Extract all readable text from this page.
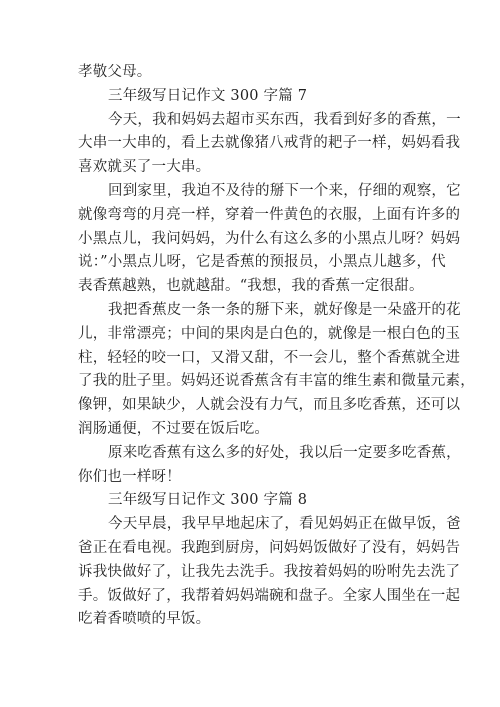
孝敬父母。
三年级写日记作文 300 字篇 7
今天，我和妈妈去超市买东西，我看到好多的香蕉，一
大串一大串的，看上去就像猪八戒背的耙子一样，妈妈看我
喜欢就买了一大串。
回到家里，我迫不及待的掰下一个来，仔细的观察，它
就像弯弯的月亮一样，穿着一件黄色的衣服，上面有许多的
小黑点儿，我问妈妈，为什么有这么多的小黑点儿呀？妈妈
说：”小黑点儿呀，它是香蕉的预报员，小黑点儿越多，代
表香蕉越熟，也就越甜。“我想，我的香蕉一定很甜。
我把香蕉皮一条一条的掰下来，就好像是一朵盛开的花
儿，非常漂亮；中间的果肉是白色的，就像是一根白色的玉
柱，轻轻的咬一口，又滑又甜，不一会儿，整个香蕉就全进
了我的肚子里。妈妈还说香蕉含有丰富的维生素和微量元素，
像钾，如果缺少，人就会没有力气，而且多吃香蕉，还可以
润肠通便，不过要在饭后吃。
原来吃香蕉有这么多的好处，我以后一定要多吃香蕉，
你们也一样呀！
三年级写日记作文 300 字篇 8
今天早晨，我早早地起床了，看见妈妈正在做早饭，爸
爸正在看电视。我跑到厨房，问妈妈饭做好了没有，妈妈告
诉我快做好了，让我先去洗手。我按着妈妈的吩咐先去洗了
手。饭做好了，我帮着妈妈端碗和盘子。全家人围坐在一起
吃着香喷喷的早饭。
